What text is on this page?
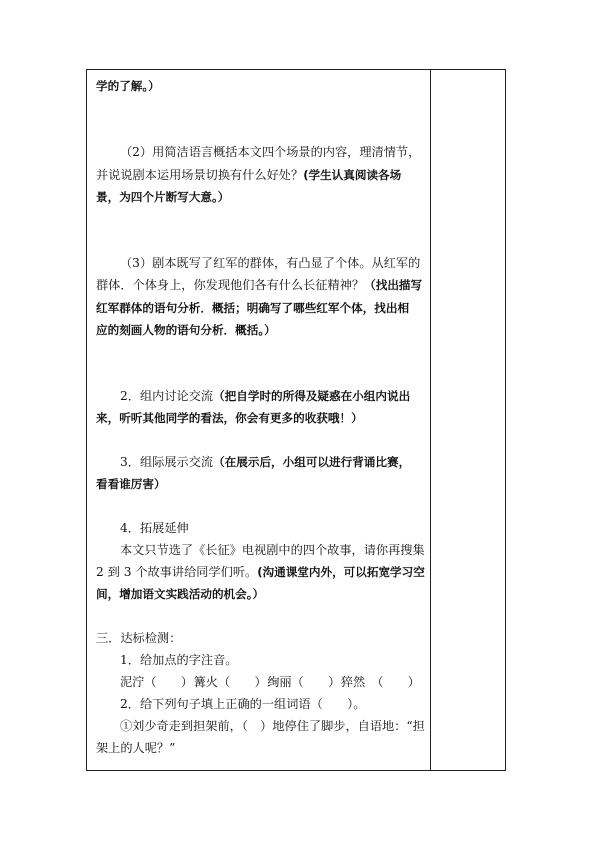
学的了解。）
（2）用简洁语言概括本文四个场景的内容，理清情节，
并说说剧本运用场景切换有什么好处？(学生认真阅读各场
景，为四个片断写大意。）
（3）剧本既写了红军的群体，有凸显了个体。从红军的
群体．个体身上，你发现他们各有什么长征精神？（找出描写
红军群体的语句分析．概括；明确写了哪些红军个体，找出相
应的刻画人物的语句分析．概括。）
2．组内讨论交流（把自学时的所得及疑惑在小组内说出
来，听听其他同学的看法，你会有更多的收获哦！）
3．组际展示交流（在展示后，小组可以进行背诵比赛，
看看谁厉害）
4．拓展延伸
本文只节选了《长征》电视剧中的四个故事，请你再搜集
2 到 3 个故事讲给同学们听。(沟通课堂内外，可以拓宽学习空
间，增加语文实践活动的机会。）
三．达标检测：
1．给加点的字注音。
泥泞（　　） 篝火（　　） 绚丽（　　） 猝然　（　　）
2．给下列句子填上正确的一组词语（　　）。
①刘少奇走到担架前，（　）地停住了脚步，自语地：“担
架上的人呢？”
